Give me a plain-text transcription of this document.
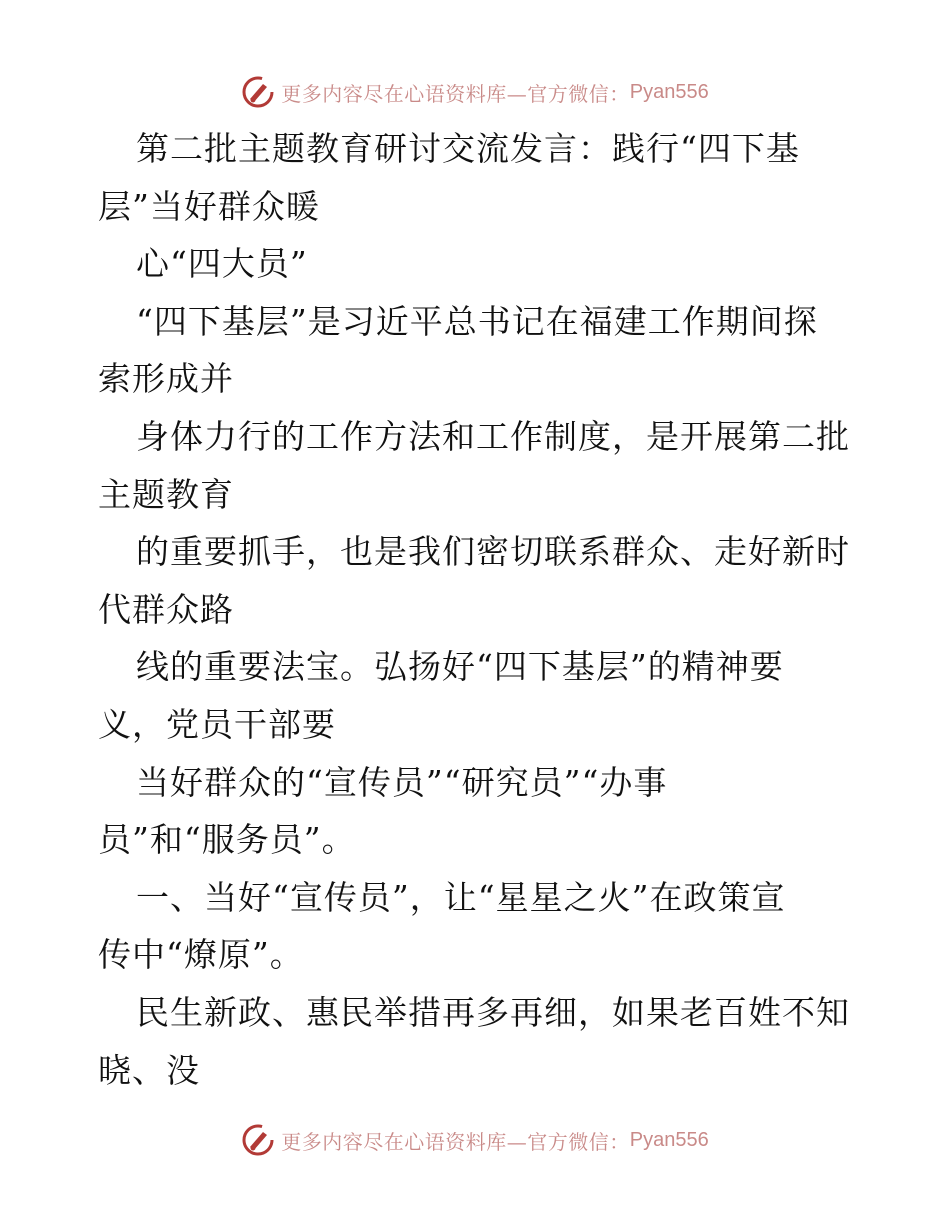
更多内容尽在心语资料库—官方微信： Pyan556
第二批主题教育研讨交流发言：践行“四下基
层”当好群众暖
心“四大员”
“四下基层”是习近平总书记在福建工作期间探
索形成并
身体力行的工作方法和工作制度，是开展第二批
主题教育
的重要抓手，也是我们密切联系群众、走好新时
代群众路
线的重要法宝。弘扬好“四下基层”的精神要
义，党员干部要
当好群众的“宣传员”“研究员”“办事
员”和“服务员”。
一、当好“宣传员”，让“星星之火”在政策宣
传中“燎原”。
民生新政、惠民举措再多再细，如果老百姓不知
晓、没
更多内容尽在心语资料库—官方微信： Pyan556
